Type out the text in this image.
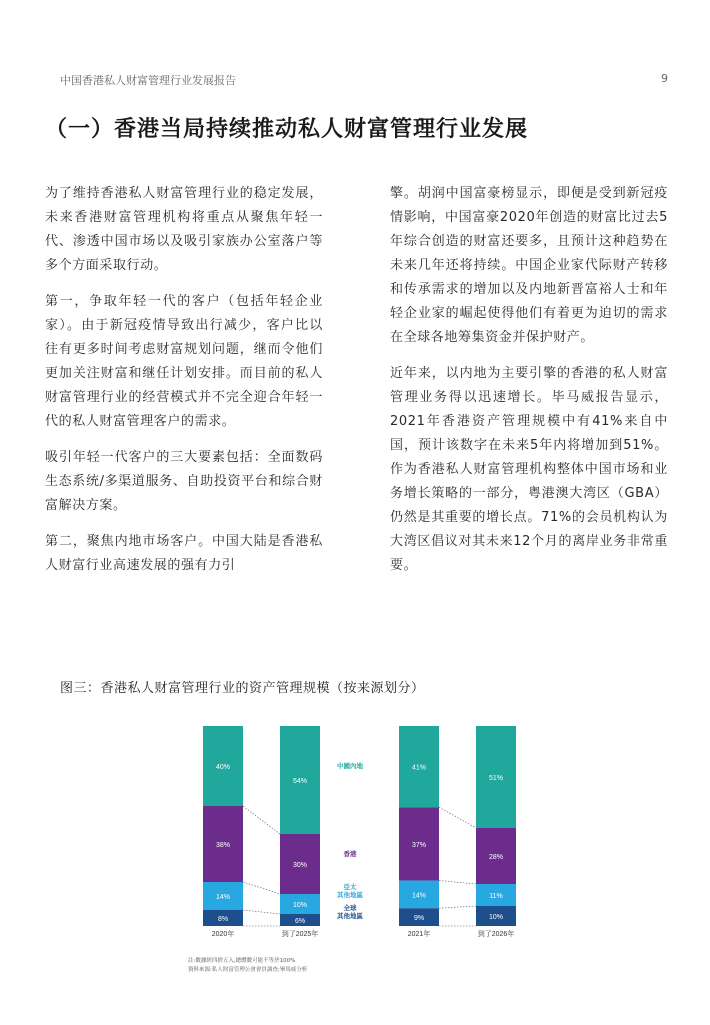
中国香港私人财富管理行业发展报告	9
（一）香港当局持续推动私人财富管理行业发展

为了维持香港私人财富管理行业的稳定发展，未来香港财富管理机构将重点从聚焦年轻一代、渗透中国市场以及吸引家族办公室落户等多个方面采取行动。

第一，争取年轻一代的客户（包括年轻企业家）。由于新冠疫情导致出行减少，客户比以往有更多时间考虑财富规划问题，继而令他们更加关注财富和继任计划安排。而目前的私人财富管理行业的经营模式并不完全迎合年轻一代的私人财富管理客户的需求。

吸引年轻一代客户的三大要素包括：全面数码生态系统/多渠道服务、自助投资平台和综合财富解决方案。

第二，聚焦内地市场客户。中国大陆是香港私人财富行业高速发展的强有力引

擎。胡润中国富豪榜显示，即便是受到新冠疫情影响，中国富豪2020年创造的财富比过去5年综合创造的财富还要多，且预计这种趋势在未来几年还将持续。中国企业家代际财产转移和传承需求的增加以及内地新晋富裕人士和年轻企业家的崛起使得他们有着更为迫切的需求在全球各地筹集资金并保护财产。

近年来，以内地为主要引擎的香港的私人财富管理业务得以迅速增长。毕马威报告显示，2021年香港资产管理规模中有41%来自中国，预计该数字在未来5年内将增加到51%。作为香港私人财富管理机构整体中国市场和业务增长策略的一部分，粤港澳大湾区（GBA）仍然是其重要的增长点。71%的会员机构认为大湾区倡议对其未来12个月的离岸业务非常重要。

图三：香港私人财富管理行业的资产管理规模（按来源划分）
8%
14%
38%
40%
2020年
6%
10%
30%
54%
到了2025年
9%
14%
37%
41%
2021年
10%
11%
28%
51%
到了2026年
中國內地
香港
亞太
其他地區
全球
其他地區
註:數據經四捨五入,總體數可能不等於100%
資料來源:私人財富管理公會會員調查;畢馬威分析
